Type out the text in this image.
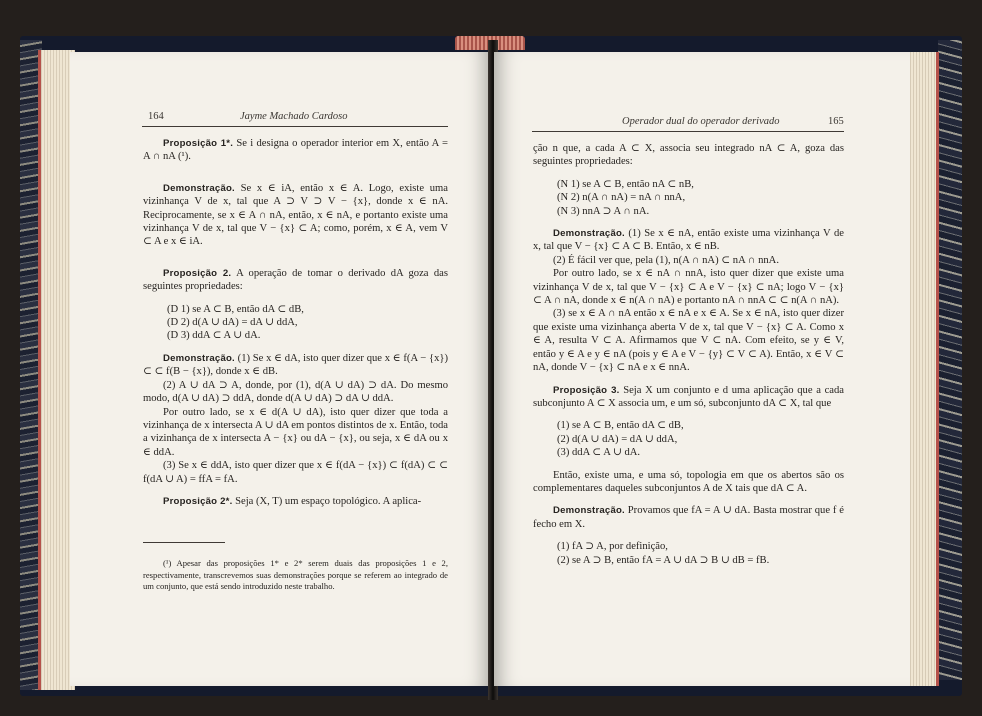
164	Jayme Machado Cardoso

Proposição 1*. Se i designa o operador interior em X, então A = A ∩ nA (¹).

Demonstração. Se x ∈ iA, então x ∈ A. Logo, existe uma vizinhança V de x, tal que A ⊃ V ⊃ V − {x}, donde x ∈ nA. Reciprocamente, se x ∈ A ∩ nA, então, x ∈ nA, e portanto existe uma vizinhança V de x, tal que V − {x} ⊂ A; como, porém, x ∈ A, vem V ⊂ A e x ∈ iA.

Proposição 2. A operação de tomar o derivado dA goza das seguintes propriedades:

(D 1) se A ⊂ B, então dA ⊂ dB,

(D 2) d(A ∪ dA) = dA ∪ ddA,

(D 3) ddA ⊂ A ∪ dA.

Demonstração. (1) Se x ∈ dA, isto quer dizer que x ∈ f(A − {x}) ⊂ ⊂ f(B − {x}), donde x ∈ dB.

(2) A ∪ dA ⊃ A, donde, por (1), d(A ∪ dA) ⊃ dA. Do mesmo modo, d(A ∪ dA) ⊃ ddA, donde d(A ∪ dA) ⊃ dA ∪ ddA.

Por outro lado, se x ∈ d(A ∪ dA), isto quer dizer que toda a vizinhança de x intersecta A ∪ dA em pontos distintos de x. Então, toda a vizinhança de x intersecta A − {x} ou dA − {x}, ou seja, x ∈ dA ou x ∈ ddA.

(3) Se x ∈ ddA, isto quer dizer que x ∈ f(dA − {x}) ⊂ f(dA) ⊂ ⊂ f(dA ∪ A) = ffA = fA.

Proposição 2*. Seja (X, T) um espaço topológico. A aplica-

(¹) Apesar das proposições 1* e 2* serem duais das proposições 1 e 2, respectivamente, transcrevemos suas demonstrações porque se referem ao integrado de um conjunto, que está sendo introduzido neste trabalho.

Operador dual do operador derivado	165

ção n que, a cada A ⊂ X, associa seu integrado nA ⊂ A, goza das seguintes propriedades:

(N 1) se A ⊂ B, então nA ⊂ nB,

(N 2) n(A ∩ nA) = nA ∩ nnA,

(N 3) nnA ⊃ A ∩ nA.

Demonstração. (1) Se x ∈ nA, então existe uma vizinhança V de x, tal que V − {x} ⊂ A ⊂ B. Então, x ∈ nB.

(2) É fácil ver que, pela (1), n(A ∩ nA) ⊂ nA ∩ nnA.

Por outro lado, se x ∈ nA ∩ nnA, isto quer dizer que existe uma vizinhança V de x, tal que V − {x} ⊂ A e V − {x} ⊂ nA; logo V − {x} ⊂ A ∩ nA, donde x ∈ n(A ∩ nA) e portanto nA ∩ nnA ⊂ ⊂ n(A ∩ nA).

(3) se x ∈ A ∩ nA então x ∈ nA e x ∈ A. Se x ∈ nA, isto quer dizer que existe uma vizinhança aberta V de x, tal que V − {x} ⊂ A. Como x ∈ A, resulta V ⊂ A. Afirmamos que V ⊂ nA. Com efeito, se y ∈ V, então y ∈ A e y ∈ nA (pois y ∈ A e V − {y} ⊂ V ⊂ A). Então, x ∈ V ⊂ nA, donde V − {x} ⊂ nA e x ∈ nnA.

Proposição 3. Seja X um conjunto e d uma aplicação que a cada subconjunto A ⊂ X associa um, e um só, subconjunto dA ⊂ X, tal que

(1) se A ⊂ B, então dA ⊂ dB,

(2) d(A ∪ dA) = dA ∪ ddA,

(3) ddA ⊂ A ∪ dA.

Então, existe uma, e uma só, topologia em que os abertos são os complementares daqueles subconjuntos A de X tais que dA ⊂ A.

Demonstração. Provamos que fA = A ∪ dA. Basta mostrar que f é fecho em X.

(1) fA ⊃ A, por definição,

(2) se A ⊃ B, então fA = A ∪ dA ⊃ B ∪ dB = fB.
